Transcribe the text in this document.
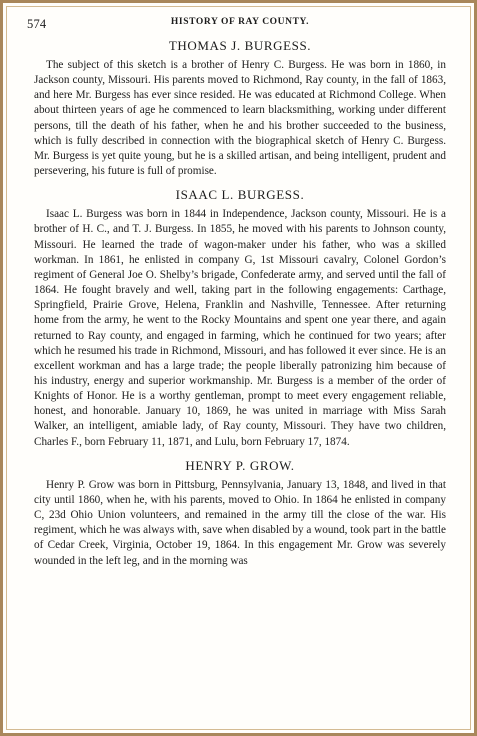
574	HISTORY OF RAY COUNTY.
THOMAS J. BURGESS.

The subject of this sketch is a brother of Henry C. Burgess. He was born in 1860, in Jackson county, Missouri. His parents moved to Richmond, Ray county, in the fall of 1863, and here Mr. Burgess has ever since resided. He was educated at Richmond College. When about thirteen years of age he commenced to learn blacksmithing, working under different persons, till the death of his father, when he and his brother succeeded to the business, which is fully described in connection with the biographical sketch of Henry C. Burgess. Mr. Burgess is yet quite young, but he is a skilled artisan, and being intelligent, prudent and persevering, his future is full of promise.

ISAAC L. BURGESS.

Isaac L. Burgess was born in 1844 in Independence, Jackson county, Missouri. He is a brother of H. C., and T. J. Burgess. In 1855, he moved with his parents to Johnson county, Missouri. He learned the trade of wagon-maker under his father, who was a skilled workman. In 1861, he enlisted in company G, 1st Missouri cavalry, Colonel Gordon’s regiment of General Joe O. Shelby’s brigade, Confederate army, and served until the fall of 1864. He fought bravely and well, taking part in the following engagements: Carthage, Springfield, Prairie Grove, Helena, Franklin and Nashville, Tennessee. After returning home from the army, he went to the Rocky Mountains and spent one year there, and again returned to Ray county, and engaged in farming, which he continued for two years; after which he resumed his trade in Richmond, Missouri, and has followed it ever since. He is an excellent workman and has a large trade; the people liberally patronizing him because of his industry, energy and superior workmanship. Mr. Burgess is a member of the order of Knights of Honor. He is a worthy gentleman, prompt to meet every engagement reliable, honest, and honorable. January 10, 1869, he was united in marriage with Miss Sarah Walker, an intelligent, amiable lady, of Ray county, Missouri. They have two children, Charles F., born February 11, 1871, and Lulu, born February 17, 1874.

HENRY P. GROW.

Henry P. Grow was born in Pittsburg, Pennsylvania, January 13, 1848, and lived in that city until 1860, when he, with his parents, moved to Ohio. In 1864 he enlisted in company C, 23d Ohio Union volunteers, and remained in the army till the close of the war. His regiment, which he was always with, save when disabled by a wound, took part in the battle of Cedar Creek, Virginia, October 19, 1864. In this engagement Mr. Grow was severely wounded in the left leg, and in the morning was
